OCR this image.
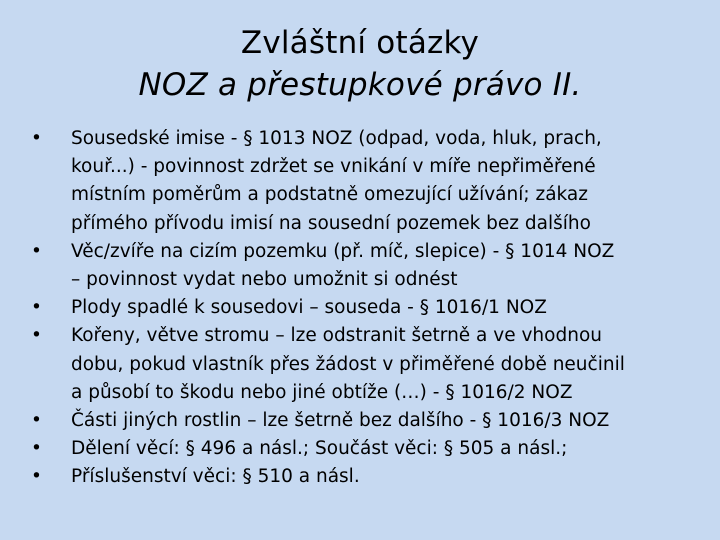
Zvláštní otázky
NOZ a přestupkové právo II.
• Sousedské imise - § 1013 NOZ (odpad, voda, hluk, prach,
kouř...) - povinnost zdržet se vnikání v míře nepřiměřené
místním poměrům a podstatně omezující užívání; zákaz
přímého přívodu imisí na sousední pozemek bez dalšího
• Věc/zvíře na cizím pozemku (př. míč, slepice) - § 1014 NOZ
– povinnost vydat nebo umožnit si odnést
• Plody spadlé k sousedovi – souseda - § 1016/1 NOZ
• Kořeny, větve stromu – lze odstranit šetrně a ve vhodnou
dobu, pokud vlastník přes žádost v přiměřené době neučinil
a působí to škodu nebo jiné obtíže (…) - § 1016/2 NOZ
• Části jiných rostlin – lze šetrně bez dalšího - § 1016/3 NOZ
• Dělení věcí: § 496 a násl.; Součást věci: § 505 a násl.;
• Příslušenství věci: § 510 a násl.
